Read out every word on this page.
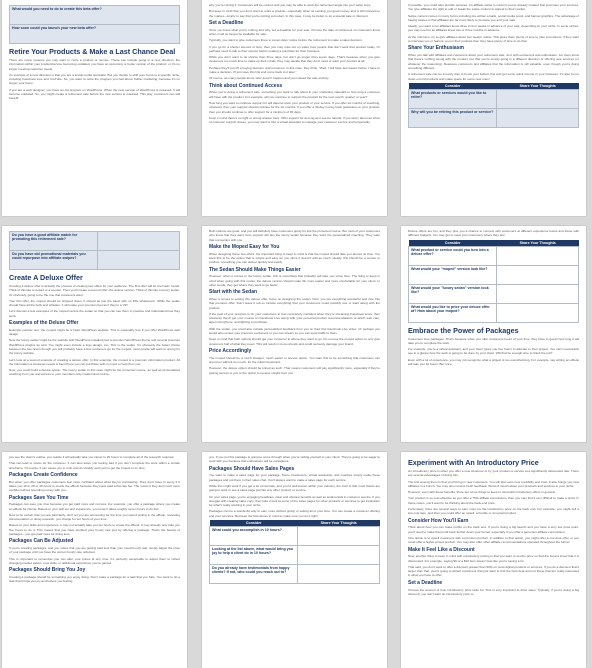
What would you need to do to create this beta offer?
How soon could you launch your new beta offer?
Retire Your Products & Make a Last Chance Deal

There are many reasons you may want to retire a product or service. These can include going in a new direction, the information within your product/service becoming outdated, you have an upcoming or better version of the product, or it's no longer meeting customer needs.

An example of a new direction is that you are a social media specialist. But you decide to shift your focus to a specific niche, including Facebook Live and YouTube. So, you want to retire the program you had about Twitter marketing, because it's no longer your focus.

If you are a web designer, you have an old program on WordPress. When the new version of WordPress is released, it will become outdated. So, you might create a retirement sale before the new version is released. This way, customers can still benefit.

why you're retiring it. Customers will be curious and you may be able to work the retirement angle into your sales copy.

But keep in mind that you don't want to retire a product—especially when its earning you good money and is still relevant to the market—simply to say that you're retiring a product. In this case, it may be better to do a special sale or discount.

Set a Deadline

Once you know what you're retiring and why, set a deadline for your sale. Choose the date of retirement so customers know when it will no longer be available for sale.

Typically, you want to give customers three to seven days' notice before the retirement to make a sales decision.

If you go for a shorter amount of time, then you may miss out on sales from people that don't want that product today. Or perhaps need to talk to their spouse before making a purchase for their business.

While you don't want to do shorter than three days, but don't go longer than seven days. That's because when you give customers too much time to make up their minds, they may decide that they don't need or want your product at all.

Perhaps they'll put off a buying decision until tomorrow. In this case, they think, "Well, I still have two weeks before I have to make a decision. I'll just save this link and come back to it later."

Of course, as many people know, later doesn't happen and you missed the sale entirely.

Think about Continued Access

When you're doing a retirement sale, something you want to talk about in your marketing materials is how long a customer will have with the product. For example, will you continue to support the product for the next month, quarter or year?

How long you want to continue support for will depend upon your product or your service. If you offer six months of coaching, obviously, then your support should continue for the six months. If you offer a 30-day money back guarantee on your product, then you should continue to offer support for a minimum of 30 days.

Keep in mind there's no right or wrong answer here. Offer support for as long as it seems natural. If you worry about an influx of customer support issues, you may want to hire a virtual assistant to manage your customer service and temporarily.

if possible, you could also provide services. An affiliate swipe is content you've already created that promotes your services. You give affiliates the right to edit or tweak the swipe content to appeal to their market.

Swipe content comes in many forms including pre-written emails, social media posts, and banner graphics. The advantage of having swipes is that affiliates are far more likely to promote you and your sale.

Ideally, you want to let affiliates know three to four weeks in advance of your sale, depending on your niche. In some niches, you may need to let affiliates know two or three months in advance.

At the minimum, try to give affiliates about two weeks' notice. This gives them plenty of time to plan promotions. If they want to interview you or feature you on their podcast then they have plenty of time to do that.

Share Your Enthusiasm

When you talk with affiliates and customers about your retirement sale, do it with excitement and enthusiasm. Let them know that there's nothing wrong with the product, but that you're simply going in a different direction or offering new services (or whatever the reasoning). Reassure customers and affiliates that the information is still valuable, even though you're doing something different.

A retirement sale can be a lovely way to boost your bottom line and get some quick income in your business. It's also fun to clean out old products and make space for some new ones!

Consider	Share Your Thoughts
What products or services would you like to retire?	
Why will you be retiring this product or service?	
Do you have a good affiliate match for promoting this retirement sale?	
Do you have old promotional materials you could repurpose into affiliate swipes?	
Create A Deluxe Offer

Creating a deluxe offer is actually the process of creating two offers for your audience. The first offer will be the basic model. Think of this like a moped or a scooter. Then you'll create a second offer–the deluxe version. Think of this like a luxury sedan. Or obviously, going to be the one that customers want.

Your first offer, the moped should be stripped down. It should be just the basic with no frills whatsoever. While the sedan should have all the bells and whistles. It will make your premium feel as if they're a VIP.

Let's discuss a few examples of the moped versus the sedan so that you can see them in practice and understand how they work.

Examples of the Deluxe Offer

Example number one: the moped might be a basic WordPress website. This is especially true if you offer WordPress web design.

Now the luxury sedan might be the website with WordPress installed plus a premium WordPress theme and several premium WordPress plugins as well. You might even include a logo design, too. This is the sedan. It's obviously the better choice between the two. Even though you will probably have a few customers go for the moped, most people will want to spring for the luxury website.

Let's look at a second example of creating a deluxe offer. In this example, the moped is a premium information product. All the information a customer needs is found here you can purchase with no input or help from you.

Now, you could build a deluxe option. The luxury sedan in this case might be the protected course, as well as personalized coaching from you and access to your members-only mastermind course.

Both options are good, and you will definitely have customers going for just the protected course. But most of your customers who know that they want more support will buy the luxury sedan because they want the personalized coaching. They want that connection with you.

Make the Moped Easy for You

When designing these two offers, the important thing to keep in mind is that the moped should take you almost no time. You want this to be the option that is simple and easy for you since it doesn't add as much. Ideally, this should be a course or product, something you can deliver quickly and easily.

The Sedan Should Make Things Easier

However, when it comes to the luxury sedan, this is something that probably will take you some time. The thing to keep in mind when going with this model, the deluxe version should make life more easier and more comfortable for your client. In other words, they get where they want to go faster.

Start with the Sedan

When it comes to setting this deluxe offer, focus on designing the sedan. First, you put everything wonderful and nice into that premium offer. Don't leave it out–to include everything that your customers could possibly use or want along with the product.

If the goal of your program is for your customers to feel completely confident when they're streaming Facebook Lives, then obviously they'll get your course on Facebook Live along with your personal product recommendations of which web cam, lapel microphone, and lighting to purchase.

With the sedan, you could also include personalized feedback from you on their first Facebook Live video. Or perhaps you would also review your premium customers or you can stream so you can send traffic to them.

Keep in mind that both options should get your customer to where they want to go. Do not use the moped option to only give customers half of what they need. This will result in more refunds and could seriously damage your brand.

Price Accordingly

The moped should be a much cheaper, much easier to access option. You want this to be something that customers can spend on without too much, for the initial investment.

However, the deluxe option should be priced as such. That means customers will pay significantly more, especially if they're getting access to you or the option to receive insight from you.

Deluxe offers are fun, and they give you a chance to connect with customers at different experience levels and those with different budgets. You may get to meet your customers where they are!

Consider	Share Your Thoughts
What product or service could you turn into a deluxe offer?	
What would your "moped" version look like?	
What would your "luxury sedan" version look like?	
What would you like to price your deluxe offer at? How about your moped?	
Embrace the Power of Packages

Customers love packages. That's because when you offer customers hours of your time, they have to guess how long it will take you to complete the work.

For example, you're a virtual assistant, and your client gives you five hours to allocate to their project. You can't necessarily see in a glance how the work is going to be done by your client. Will that be enough time to finish the job?

Even with a lot of experience, you may not recognize what a project is too overwhelming. For example, say writing an eBook will take you 10 hours. But once

you see the client's outline, you realize it will actually take you closer to 20 hours to complete all of the research required.

That can lead to stress for the customer. It can also leave you feeling bad if you don't complete the work within a certain timeframe. Of course, it can cause you to rush and do shoddy work just to get the project in on time.

Packages Create Confidence

But when you offer packages customers feel more confident about what they're purchasing. They don't have to worry if it takes you 10 or 20 or 30 hours to create the eBook because they have paid a flat-rate fee. The result is they feel much more confident about spending money with you.

Packages Save You Time

Packages can save you time because you get paid more and not less. For example, you offer a package where you create an eBook for clients. Based on your skill set and experience, you know it takes roughly seven hours to do this.

Now to be certain that you are paid fairly, don't let you are accounting for the time you spend writing in the eBook, reviewing documentation or doing research, you charge for ten hours of your time.

Based on your skills and experience, it may not actually take you ten hours to create the eBook. It may actually only take you five hours to do it. This means that you have doubled your hourly rate just by offering a package. That's the beauty of packages—you get paid more for doing less.

Packages Can Be Adjusted

If you're creating packages, and you notice that you are getting paid less than your usual hourly rate, simply adjust the price of your package until you have the correct hourly rate reflected.

This is important to remember–you can alter your prices at any time. It's perfectly acceptable to adjust them to reflect changing market values, new skills, or additional experience you've gained.

Packages Should Bring You Joy

Creating a package should be something you enjoy doing. Don't make a package for a task that you hate. You want to do a task that brings you joy and leaves you feeling

you. If you put this package is going to come through when you're selling yourself to your client. They're going to be eager to work with you because that enthusiasm will be contagious.

Packages Should Have Sales Pages

You want to make a sales page for your package. Some freelancers, virtual assistants, and coaches simply make these packages and put them in their sales chat. You'll always want to make a sales page for each service.

While this might work if you get a lot of referrals, and you're well-known within your industry, the truth is that most clients are going to want to see a sales page just like any other product or service.

On your sales page, you're engaging headlines, clear and obvious benefits as well as testimonials in customer service. If you struggle with creating sales copy, then take a look at some of the sales pages for other products or services to get inspiration for what's really working in your niche.

Packages can be a wonderful way to earn more without giving or selling all of your time. You can create a customer offering and your services. But keep the flow above in mind to make sure you do it right!

Consider	Share Your Thoughts
What could you accomplish in 10 hours?	
Looking at the list above, what would bring you joy to help a client do in 10 hours?	
Do you already have testimonials from happy clients? If not, who could you reach out to?	
Experiment with An Introductory Price

An introductory price is when you offer a new customer to try your product or service at a significantly discounted rate. There are several advantages of doing this.

The first among them is that you'll bring in new customers. You will also earn new credibility and trust. It also brings you new affiliates in a bunch. You may also receive fresh feedback. Word of mouth about your products and services in your niche.

However, even with these benefits, there are some things to keep in mind with introductory offers in general.

Your product is so cost-effective as you offer a 75% affiliate commission, then you may find it very difficult to make a profit. In these cases, you'll want to be thinking about the back-end price.

Fortunately, there are several ways to earn more for the introductory price on the back end. For example, you might sell a low-cost item, and then you could offer an upsell, a bundle or an upsell product.

Consider How You'll Earn

Think about how you can make profits on the back end. If you're doing a big launch and you have a very low price point, you'll need to make that profit back further down your funnel, especially if you offer a generous affiliate commission.

One option is to upsell customers with a premium product. In addition to that option, you might offer a one-time offer, or you could offer a higher-priced product. You may also offer other affiliate recommendations operated throughout the funnel.

Make It Feel Like a Discount

Now, another thing to keep in mind with introductory pricing is that you want to set the price so that the buyers know that it is discounted. For example, saying $9 or a $10 item doesn't feel like you're saving a lot.

That said, you don't want to offer a discount greater than 50% on most digital products or services. If you do a discount that's larger than that, you're going to attract customers that just want to find the best deal and not those that are really interested in what you have to offer.

Set a Deadline

Choose the amount of time introductory price lasts for. This is very important to drive sales. Typically, if you're doing a big discount, you don't want an introductory price to
